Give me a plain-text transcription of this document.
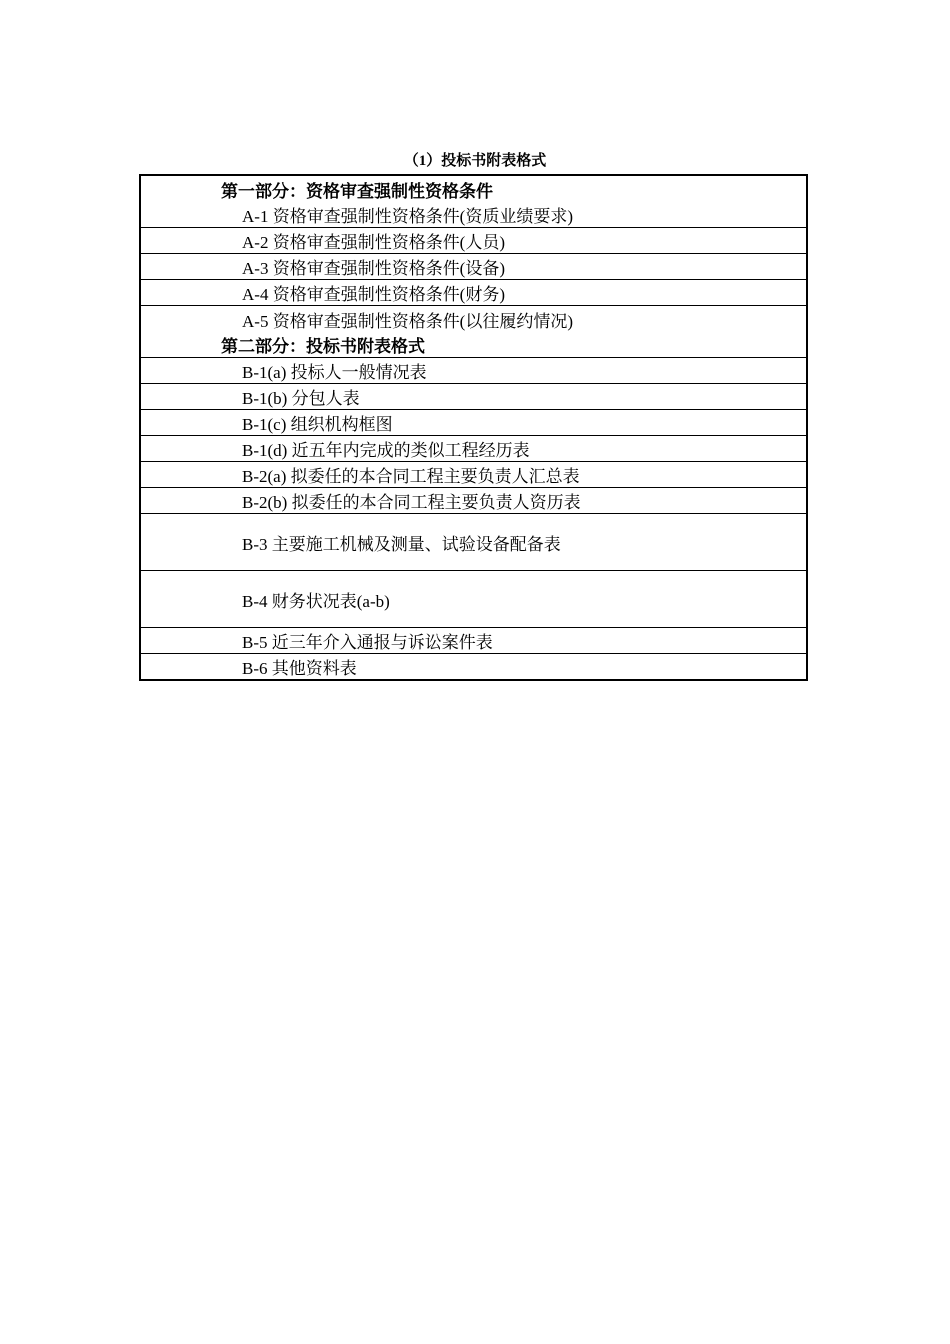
（1）投标书附表格式
第一部分：资格审查强制性资格条件
A-1 资格审查强制性资格条件(资质业绩要求)
A-2 资格审查强制性资格条件(人员)
A-3 资格审查强制性资格条件(设备)
A-4 资格审查强制性资格条件(财务)
A-5 资格审查强制性资格条件(以往履约情况)
第二部分：投标书附表格式
B-1(a) 投标人一般情况表
B-1(b) 分包人表
B-1(c) 组织机构框图
B-1(d) 近五年内完成的类似工程经历表
B-2(a) 拟委任的本合同工程主要负责人汇总表
B-2(b) 拟委任的本合同工程主要负责人资历表
B-3 主要施工机械及测量、试验设备配备表
B-4 财务状况表(a-b)
B-5 近三年介入通报与诉讼案件表
B-6 其他资料表
